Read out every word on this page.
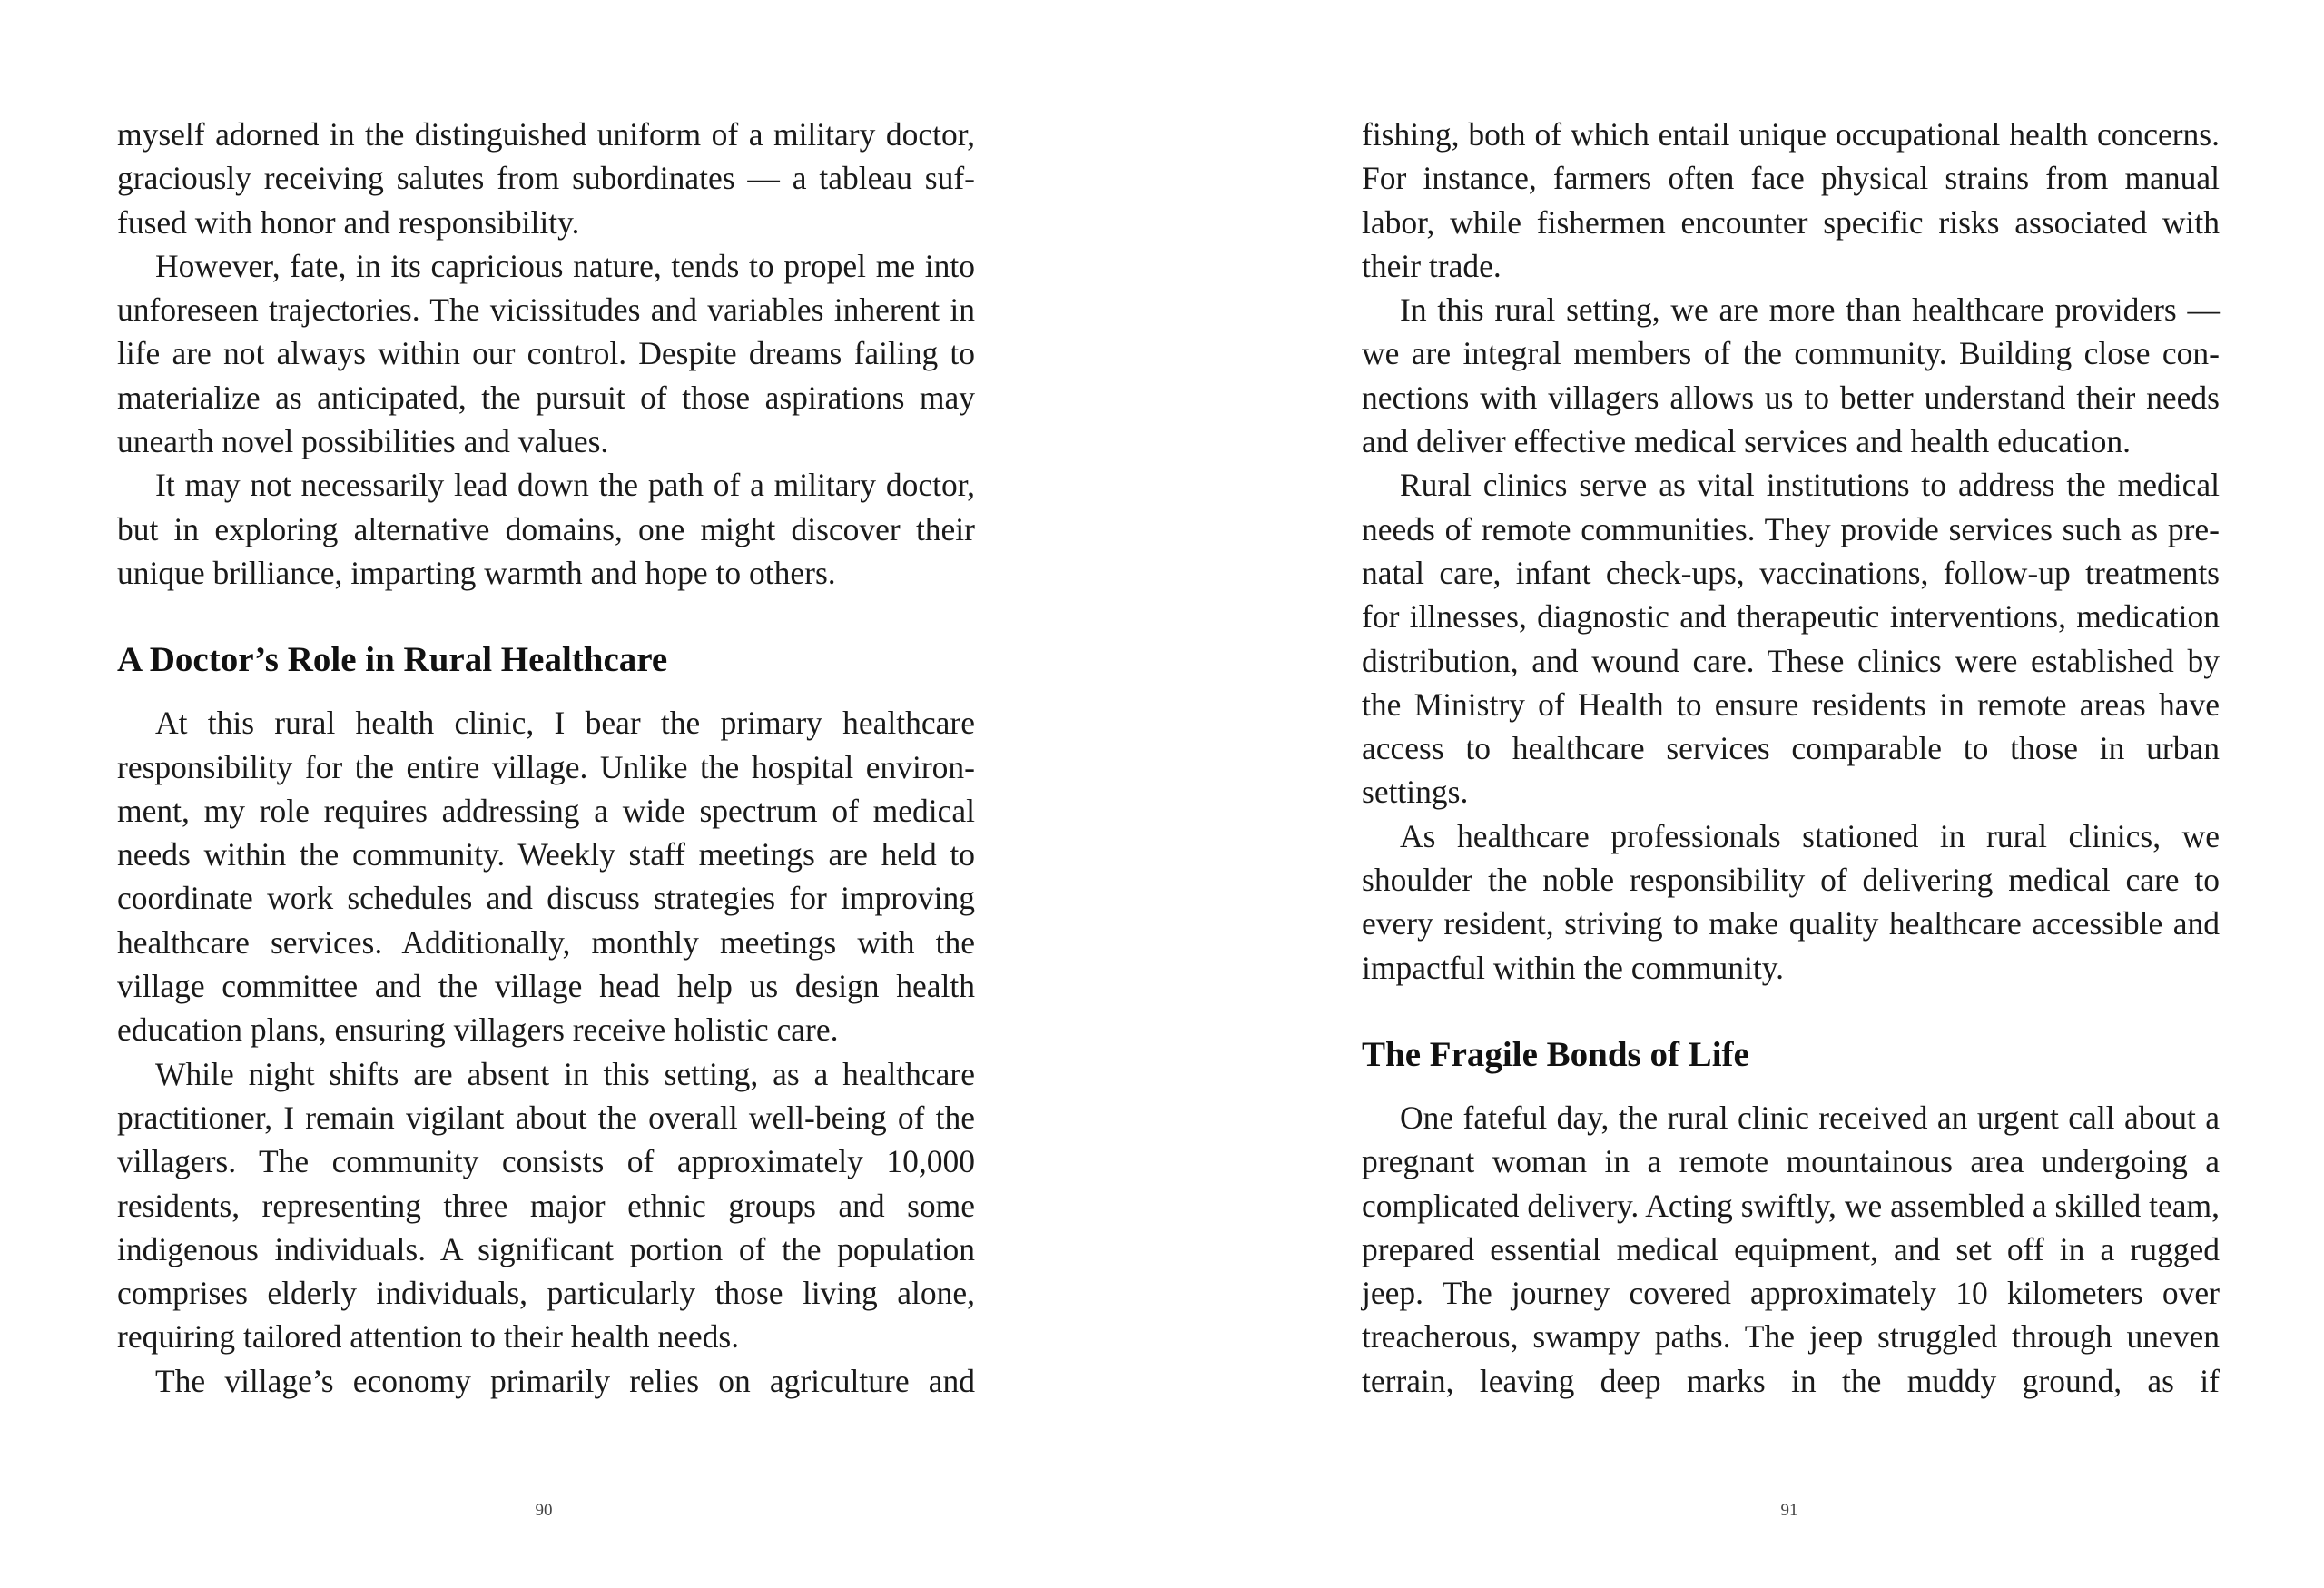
myself adorned in the distinguished uniform of a military doctor, graciously receiving salutes from subordinates — a tableau suffused with honor and responsibility.

However, fate, in its capricious nature, tends to propel me into unforeseen trajectories. The vicissitudes and variables inherent in life are not always within our control. Despite dreams failing to materialize as anticipated, the pursuit of those aspirations may unearth novel possibilities and values.

It may not necessarily lead down the path of a military doctor, but in exploring alternative domains, one might discover their unique brilliance, imparting warmth and hope to others.

A Doctor’s Role in Rural Healthcare

At this rural health clinic, I bear the primary healthcare responsibility for the entire village. Unlike the hospital environment, my role requires addressing a wide spectrum of medical needs within the community. Weekly staff meetings are held to coordinate work schedules and discuss strategies for improving healthcare services. Additionally, monthly meetings with the village committee and the village head help us design health education plans, ensuring villagers receive holistic care.

While night shifts are absent in this setting, as a healthcare practitioner, I remain vigilant about the overall well-being of the villagers. The community consists of approximately 10,000 residents, representing three major ethnic groups and some indigenous individuals. A significant portion of the population comprises elderly individuals, particularly those living alone, requiring tailored attention to their health needs.

The village’s economy primarily relies on agriculture and

90

fishing, both of which entail unique occupational health concerns. For instance, farmers often face physical strains from manual labor, while fishermen encounter specific risks associated with their trade.

In this rural setting, we are more than healthcare providers — we are integral members of the community. Building close connections with villagers allows us to better understand their needs and deliver effective medical services and health education.

Rural clinics serve as vital institutions to address the medical needs of remote communities. They provide services such as prenatal care, infant check-ups, vaccinations, follow-up treatments for illnesses, diagnostic and therapeutic interventions, medication distribution, and wound care. These clinics were established by the Ministry of Health to ensure residents in remote areas have access to healthcare services comparable to those in urban settings.

As healthcare professionals stationed in rural clinics, we shoulder the noble responsibility of delivering medical care to every resident, striving to make quality healthcare accessible and impactful within the community.

The Fragile Bonds of Life

One fateful day, the rural clinic received an urgent call about a pregnant woman in a remote mountainous area undergoing a complicated delivery. Acting swiftly, we assembled a skilled team, prepared essential medical equipment, and set off in a rugged jeep. The journey covered approximately 10 kilometers over treacherous, swampy paths. The jeep struggled through uneven terrain, leaving deep marks in the muddy ground, as if

91
